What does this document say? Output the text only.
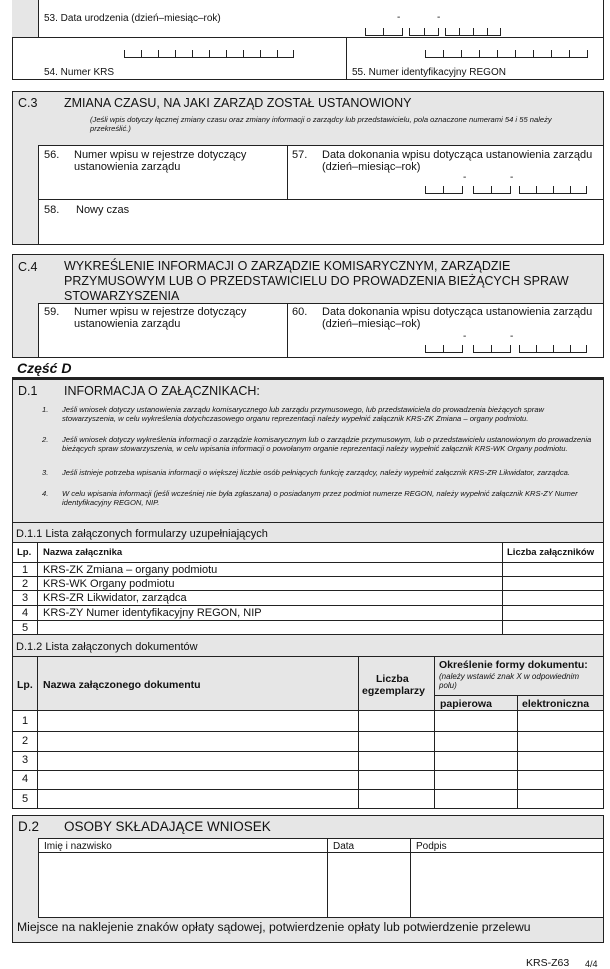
53. Data urodzenia (dzień–miesiąc–rok)	-	-
54. Numer KRS	55. Numer identyfikacyjny REGON
C.3 ZMIANA CZASU, NA JAKI ZARZĄD ZOSTAŁ USTANOWIONY
(Jeśli wpis dotyczy łącznej zmiany czasu oraz zmiany informacji o zarządcy lub przedstawicielu, pola oznaczone numerami 54 i 55 należy przekreślić.)
56. Numer wpisu w rejestrze dotyczący
ustanowienia zarządu
57. Data dokonania wpisu dotycząca ustanowienia zarządu
(dzień–miesiąc–rok)
-	-
58. Nowy czas
C.4 WYKREŚLENIE INFORMACJI O ZARZĄDZIE KOMISARYCZNYM, ZARZĄDZIE
PRZYMUSOWYM LUB O PRZEDSTAWICIELU DO PROWADZENIA BIEŻĄCYCH SPRAW
STOWARZYSZENIA
59. Numer wpisu w rejestrze dotyczący
ustanowienia zarządu
60. Data dokonania wpisu dotycząca ustanowienia zarządu
(dzień–miesiąc–rok)
-	-
Część D
D.1 INFORMACJA O ZAŁĄCZNIKACH:
1.	Jeśli wniosek dotyczy ustanowienia zarządu komisarycznego lub zarządu przymusowego, lub przedstawiciela do prowadzenia bieżących spraw stowarzyszenia, w celu wykreślenia dotychczasowego organu reprezentacji należy wypełnić załącznik KRS-ZK Zmiana – organy podmiotu.
2.	Jeśli wniosek dotyczy wykreślenia informacji o zarządzie komisarycznym lub o zarządzie przymusowym, lub o przedstawicielu ustanowionym do prowadzenia bieżących spraw stowarzyszenia, w celu wpisania informacji o powołanym organie reprezentacji należy wypełnić załącznik KRS-WK Organy podmiotu.
3.	Jeśli istnieje potrzeba wpisania informacji o większej liczbie osób pełniących funkcję zarządcy, należy wypełnić załącznik KRS-ZR Likwidator, zarządca.
4.	W celu wpisania informacji (jeśli wcześniej nie była zgłaszana) o posiadanym przez podmiot numerze REGON, należy wypełnić załącznik KRS-ZY Numer identyfikacyjny REGON, NIP.
D.1.1 Lista załączonych formularzy uzupełniających
Lp. Nazwa załącznika	Liczba załączników
1 KRS-ZK Zmiana – organy podmiotu
2 KRS-WK Organy podmiotu
3 KRS-ZR Likwidator, zarządca
4 KRS-ZY Numer identyfikacyjny REGON, NIP
5
D.1.2 Lista załączonych dokumentów
Lp. Nazwa załączonego dokumentu	Liczba
egzemplarzy
Określenie formy dokumentu:
(należy wstawić znak X w odpowiednim polu)
papierowa	elektroniczna
1
2
3
4
5
D.2 OSOBY SKŁADAJĄCE WNIOSEK
Imię i nazwisko	Data	Podpis
Miejsce na naklejenie znaków opłaty sądowej, potwierdzenie opłaty lub potwierdzenie przelewu
KRS-Z63 4/4
